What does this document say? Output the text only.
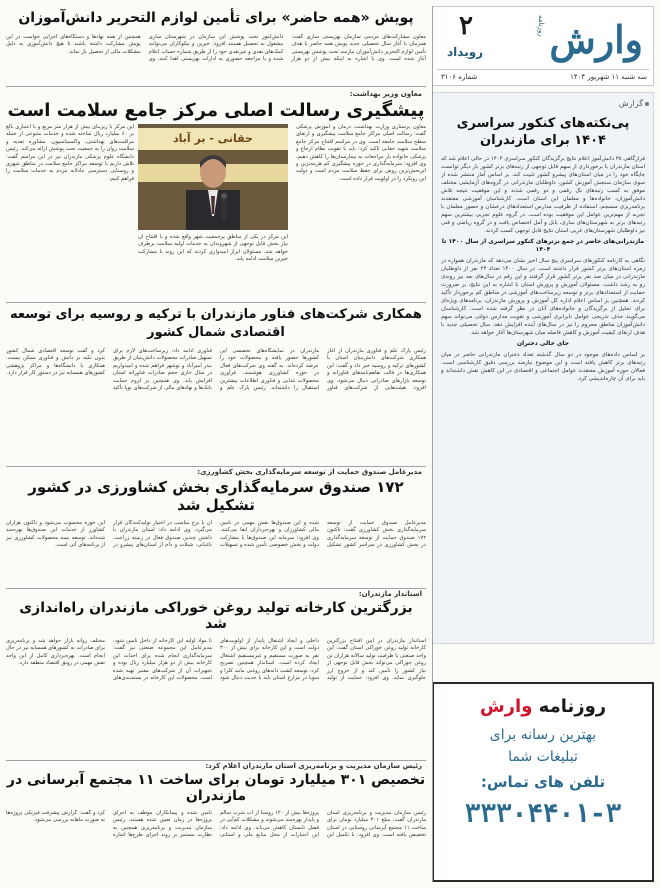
وارش
روزنامه
۲
رویداد
سه شنبه ۱۱ شهریور ۱۴۰۴
شماره ۳۱۰۶
گزارش
پی‌نکته‌های کنکور سراسری ۱۴۰۴ برای مازندران
قرارگاهی ۳۸ دانش‌آموز اعلام نتایج برگزیدگان کنکور سراسری ۱۴۰۴ در حالی اعلام شد که استان مازندران با برخورداری از سهم قابل توجهی از رتبه‌های برتر کشور بار دیگر توانست جایگاه خود را در میان استان‌های پیشرو کشور تثبیت کند. بر اساس آمار منتشر شده از سوی سازمان سنجش آموزش کشور، داوطلبان مازندرانی در گروه‌های آزمایشی مختلف موفق به کسب رتبه‌های تک رقمی و دو رقمی شدند و این موفقیت نتیجه تلاش دانش‌آموزان، خانواده‌ها و معلمان این استان است. کارشناسان آموزشی معتقدند برنامه‌ریزی منسجم، استفاده از ظرفیت مدارس استعدادهای درخشان و حضور معلمان با تجربه از مهم‌ترین عوامل این موفقیت بوده است. در گروه علوم تجربی بیشترین سهم رتبه‌های برتر به شهرستان‌های ساری، بابل و آمل اختصاص یافت و در گروه ریاضی و فنی نیز داوطلبان شهرستان‌های غربی استان نتایج قابل توجهی کسب کردند.
مازندرانی‌های حاضر در جمع برترهای کنکور سراسری از سال ۱۴۰۰ تا ۱۴۰۴
نگاهی به کارنامه کنکورهای سراسری پنج سال اخیر نشان می‌دهد که مازندران همواره در زمره استان‌های برتر کشور قرار داشته است. در سال ۱۴۰۰ تعداد ۲۴ نفر از داوطلبان مازندرانی در میان صد نفر برتر کشور قرار گرفتند و این رقم در سال‌های بعد نیز روندی رو به رشد داشت. مسئولان آموزش و پرورش استان با اشاره به این نتایج، بر ضرورت حمایت از استعدادهای برتر و توسعه زیرساخت‌های آموزشی در مناطق کم برخوردار تأکید کردند. همچنین بر اساس اعلام اداره کل آموزش و پرورش مازندران، برنامه‌های ویژه‌ای برای تجلیل از برگزیدگان و خانواده‌های آنان در نظر گرفته شده است. کارشناسان می‌گویند حذف تدریجی عوامل نابرابری آموزشی و تقویت مدارس دولتی می‌تواند سهم دانش‌آموزان مناطق محروم را نیز در سال‌های آینده افزایش دهد. سال تحصیلی جدید با هدف ارتقای کیفیت آموزش و کاهش فاصله میان شهرستان‌ها آغاز خواهد شد.
جای خالی دختران
بر اساس داده‌های موجود در دو سال گذشته تعداد دختران مازندرانی حاضر در میان رتبه‌های برتر کاهش یافته است و این موضوع نیازمند بررسی دقیق کارشناسی است. فعالان حوزه آموزش معتقدند عوامل اجتماعی و اقتصادی در این کاهش نقش داشته‌اند و باید برای آن چاره‌اندیشی کرد.
روزنامه وارش
بهترین رسانه برای
تبلیغات شما
تلفن های تماس:
۳۳۳۰۴۴۰۱-۳
پویش «همه حاضر» برای تأمین لوازم التحریر دانش‌آموزان
معاون مشارکت‌های مردمی سازمان بهزیستی ساری گفت: همزمان با آغاز سال تحصیلی جدید پویش همه حاضر با هدف تأمین لوازم التحریر دانش‌آموزان نیازمند تحت پوشش بهزیستی آغاز شده است. وی با اشاره به اینکه بیش از دو هزار دانش‌آموز تحت پوشش این سازمان در شهرستان ساری مشغول به تحصیل هستند افزود: خیرین و نیکوکاران می‌توانند کمک‌های نقدی و غیرنقدی خود را از طریق شماره حساب اعلام شده و یا مراجعه حضوری به ادارات بهزیستی اهدا کنند. وی همچنین از همه نهادها و دستگاه‌های اجرایی خواست در این پویش مشارکت داشته باشند تا هیچ دانش‌آموزی به دلیل مشکلات مالی از تحصیل باز نماند.
معاون وزیر بهداشت:
پیشگیری رسالت اصلی مرکز جامع سلامت است
معاون پرستاری وزارت بهداشت، درمان و آموزش پزشکی گفت: رسالت اصلی مراکز جامع سلامت پیشگیری و ارتقای سطح سلامت جامعه است. وی در مراسم افتتاح مرکز جامع سلامت شهید حقانی تاکید کرد: باید با تقویت نظام ارجاع و پزشکی خانواده بار مراجعات به بیمارستان‌ها را کاهش دهیم. وی افزود: سرمایه‌گذاری در حوزه پیشگیری کم هزینه‌ترین و اثربخش‌ترین روش برای حفظ سلامت مردم است و دولت این رویکرد را در اولویت قرار داده است.
حقانی - بر آباد
این مرکز در یکی از مناطق پرجمعیت شهر واقع شده و با افتتاح آن نیاز بخش قابل توجهی از شهروندان به خدمات اولیه سلامت برطرف خواهد شد. مسئولان ابراز امیدواری کردند که این روند با مشارکت خیرین سلامت ادامه یابد.
این مرکز با زیربنای بیش از هزار متر مربع و با اعتباری بالغ بر ۶۰ میلیارد ریال ساخته شده و خدمات متنوعی از جمله مراقبت‌های بهداشتی، واکسیناسیون، مشاوره تغذیه و سلامت روان را به جمعیت تحت پوشش ارائه می‌کند. رئیس دانشگاه علوم پزشکی مازندران نیز در این مراسم گفت: تلاش داریم با توسعه مراکز جامع سلامت در مناطق شهری و روستایی دسترسی عادلانه مردم به خدمات سلامت را فراهم کنیم.
همکاری شرکت‌های فناور مازندران با ترکیه و روسیه برای توسعه اقتصادی شمال کشور
رئیس پارک علم و فناوری مازندران از آغاز همکاری شرکت‌های دانش‌بنیان استان با کشورهای ترکیه و روسیه خبر داد و گفت: این همکاری‌ها در قالب تفاهم‌نامه‌های فناورانه و توسعه بازارهای صادراتی دنبال می‌شود. وی افزود: هیئت‌هایی از شرکت‌های فناور مازندران در نمایشگاه‌های تخصصی این کشورها حضور یافته و محصولات خود را عرضه کرده‌اند. به گفته وی شرکت‌های فعال در حوزه کشاورزی هوشمند، فرآوری محصولات غذایی و فناوری اطلاعات بیشترین استقبال را داشته‌اند. رئیس پارک علم و فناوری ادامه داد: زیرساخت‌های لازم برای تسهیل صادرات محصولات دانش‌بنیان از طریق بندر امیرآباد و نوشهر فراهم شده و امیدواریم در سال جاری حجم صادرات فناورانه استان افزایش یابد. وی همچنین بر لزوم حمایت بانک‌ها و نهادهای مالی از شرکت‌های نوپا تأکید کرد و گفت توسعه اقتصادی شمال کشور بدون تکیه بر دانش و فناوری ممکن نیست. همکاری با دانشگاه‌ها و مراکز پژوهشی کشورهای همسایه نیز در دستور کار قرار دارد.
مدیرعامل صندوق حمایت از توسعه سرمایه‌گذاری بخش کشاورزی:
۱۷۲ صندوق سرمایه‌گذاری بخش کشاورزی در کشور تشکیل شد
مدیرعامل صندوق حمایت از توسعه سرمایه‌گذاری بخش کشاورزی گفت: تاکنون ۱۷۲ صندوق حمایت از توسعه سرمایه‌گذاری در بخش کشاورزی در سراسر کشور تشکیل شده و این صندوق‌ها نقش مهمی در تأمین مالی کشاورزان و بهره‌برداران ایفا می‌کنند. وی افزود: سرمایه این صندوق‌ها با مشارکت دولت و بخش خصوصی تأمین شده و تسهیلات آن با نرخ مناسب در اختیار تولیدکنندگان قرار می‌گیرد. وی ادامه داد: استان مازندران با داشتن چندین صندوق فعال در زمینه زراعت، باغبانی، شیلات و دام از استان‌های پیشرو در این حوزه محسوب می‌شود و تاکنون هزاران کشاورز از خدمات این صندوق‌ها بهره‌مند شده‌اند. توسعه بیمه محصولات کشاورزی نیز از برنامه‌های آتی است.
استاندار مازندران:
بزرگترین کارخانه تولید روغن خوراکی مازندران راه‌اندازی شد
استاندار مازندران در آیین افتتاح بزرگترین کارخانه تولید روغن خوراکی استان گفت: این واحد صنعتی با ظرفیت تولید سالانه هزاران تن روغن خوراکی می‌تواند بخش قابل توجهی از نیاز کشور را تأمین کند و از خروج ارز جلوگیری نماید. وی افزود: حمایت از تولید داخلی و ایجاد اشتغال پایدار از اولویت‌های دولت است و این کارخانه برای بیش از ۳۰۰ نفر به صورت مستقیم و غیرمستقیم اشتغال ایجاد کرده است. استاندار همچنین تصریح کرد: توسعه کشت دانه‌های روغنی مانند کلزا و سویا در مزارع استان باید با جدیت دنبال شود تا مواد اولیه این کارخانه از داخل تأمین شود. مدیرعامل این مجموعه صنعتی نیز گفت: سرمایه‌گذاری انجام شده برای احداث این کارخانه بیش از دو هزار میلیارد ریال بوده و تجهیزات آن از شرکت‌های معتبر تهیه شده است. محصولات این کارخانه در بسته‌بندی‌های مختلف روانه بازار خواهد شد و برنامه‌ریزی برای صادرات به کشورهای همسایه نیز در حال انجام است. بهره‌برداری کامل از این واحد نقش مهمی در رونق اقتصاد منطقه دارد.
رئیس سازمان مدیریت و برنامه‌ریزی استان مازندران اعلام کرد:
تخصیص ۳۰۱ میلیارد تومان برای ساخت ۱۱ مجتمع آبرسانی در مازندران
رئیس سازمان مدیریت و برنامه‌ریزی استان مازندران گفت: مبلغ ۳۰۱ میلیارد تومان برای ساخت ۱۱ مجتمع آبرسانی روستایی در استان تخصیص یافته است. وی افزود: با تکمیل این پروژه‌ها بیش از ۱۲۰ روستا از آب شرب سالم و پایدار بهره‌مند می‌شوند و مشکلات کم‌آبی در فصل تابستان کاهش می‌یابد. وی ادامه داد: این اعتبارات از محل منابع ملی و استانی تأمین شده و پیمانکاران موظف به اجرای پروژه‌ها در زمان تعیین شده هستند. رئیس سازمان مدیریت و برنامه‌ریزی همچنین به نظارت مستمر بر روند اجرای طرح‌ها اشاره کرد و گفت: گزارش پیشرفت فیزیکی پروژه‌ها به صورت ماهانه بررسی می‌شود.
